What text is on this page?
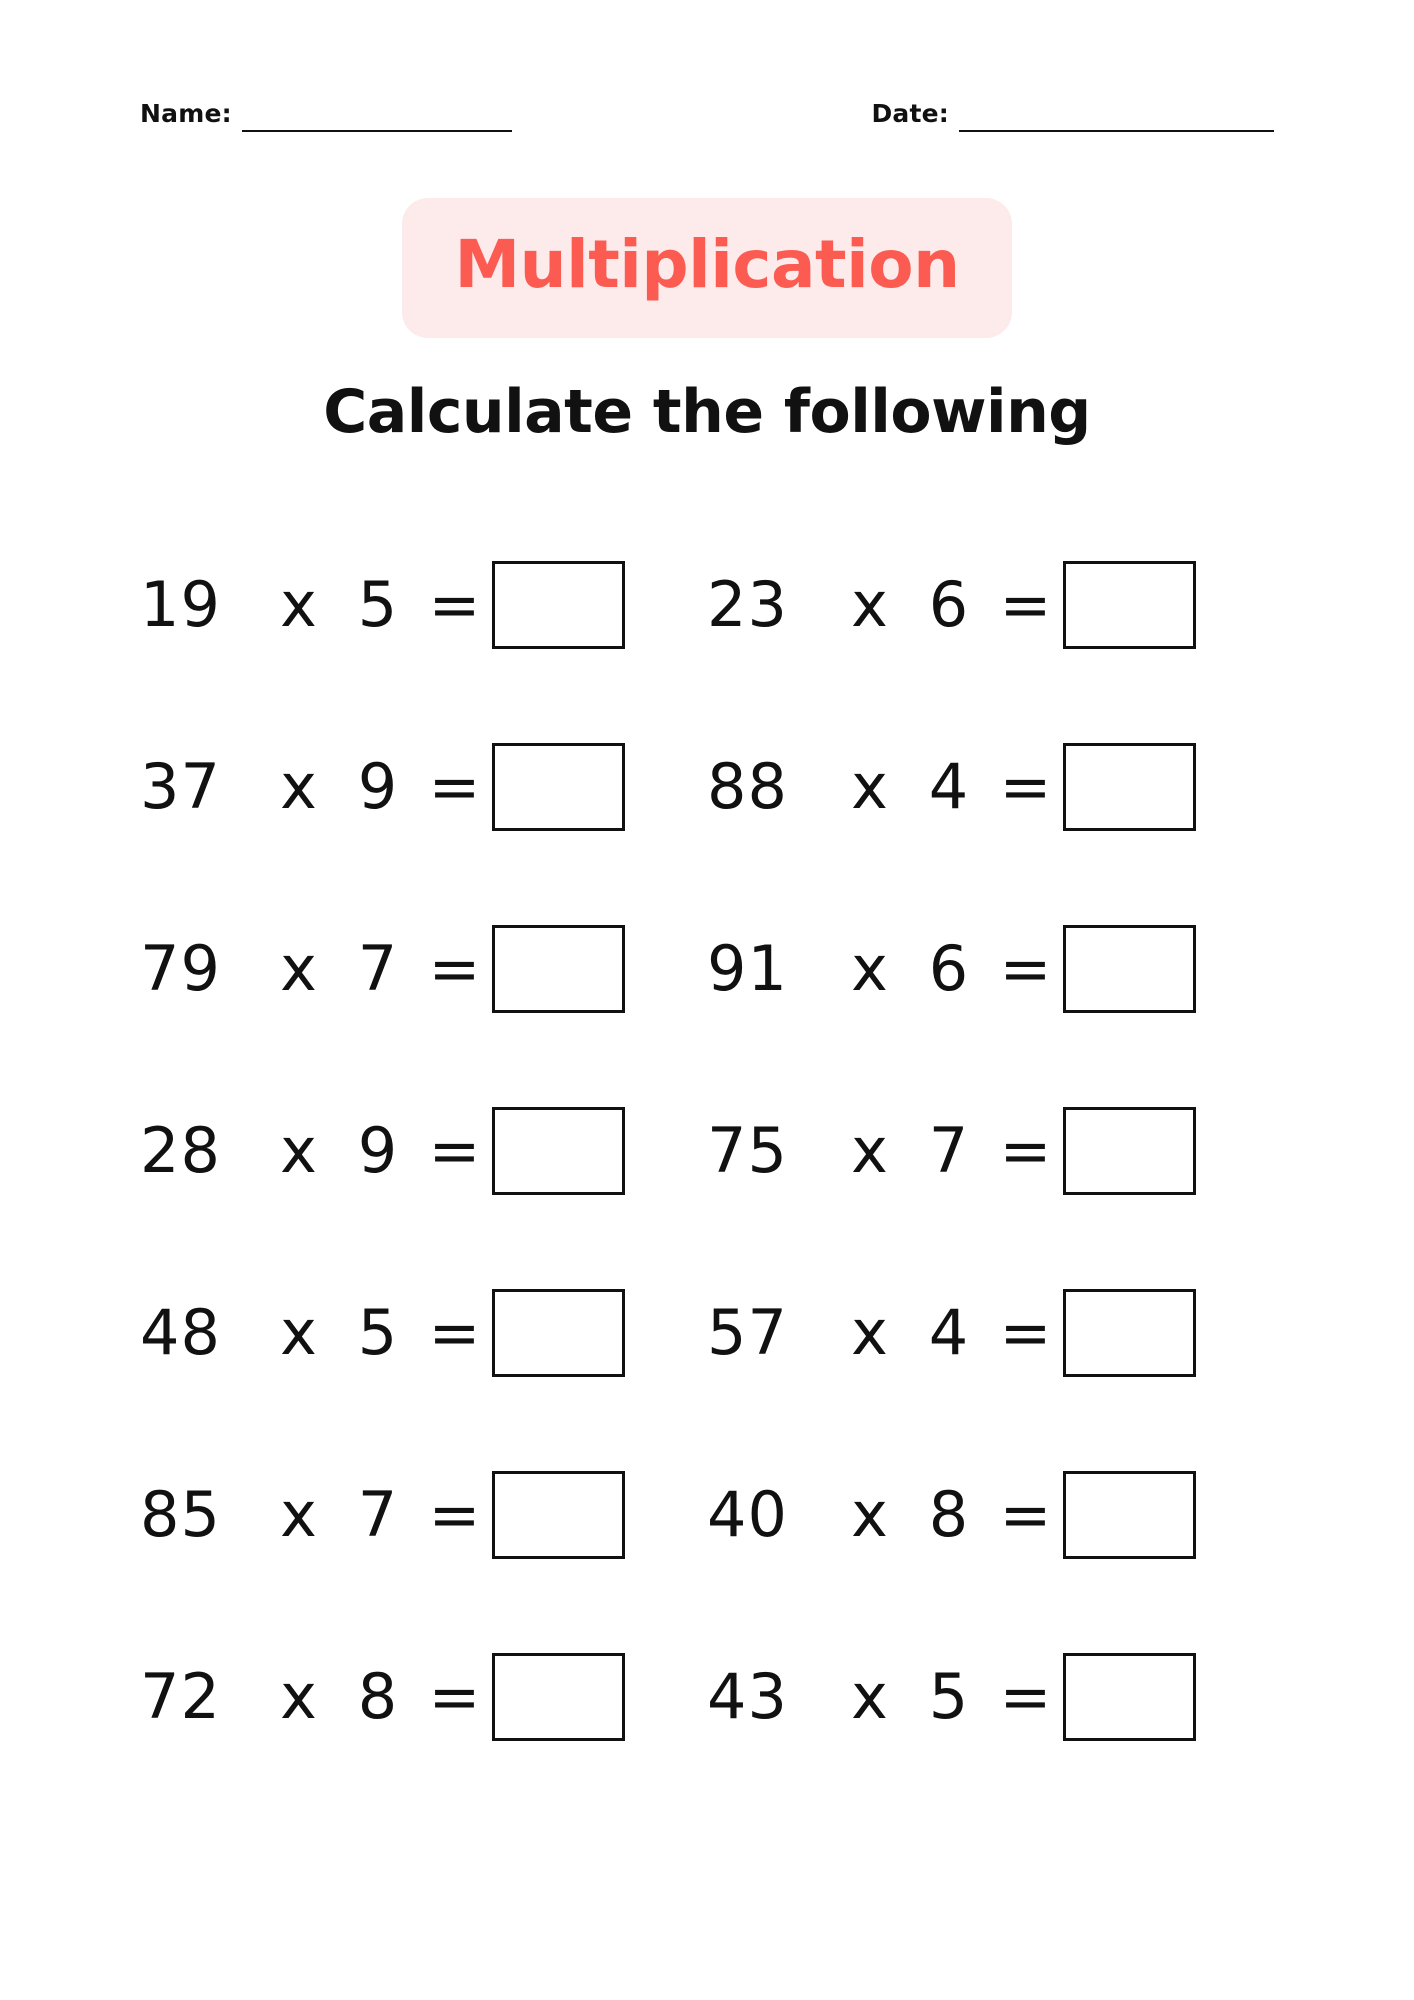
Name:	Date:
Multiplication
Calculate the following
19 x 5 =	23	x 6 =
37 x 9 =	88	x 4 =
79 x 7 =	91	x 6 =
28 x 9 =	75	x 7 =
48 x 5 =	57	x 4 =
85 x 7 =	40	x 8 =
72 x 8 =	43	x 5 =
